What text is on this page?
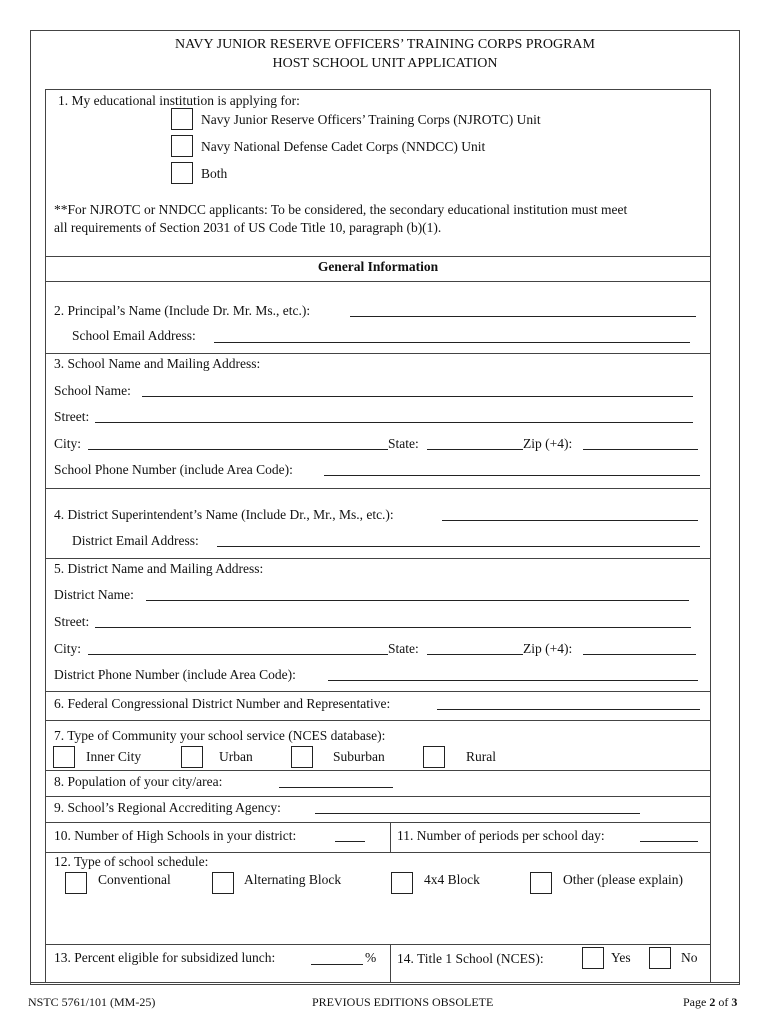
NAVY JUNIOR RESERVE OFFICERS’ TRAINING CORPS PROGRAM
HOST SCHOOL UNIT APPLICATION
1. My educational institution is applying for:
Navy Junior Reserve Officers’ Training Corps (NJROTC) Unit
Navy National Defense Cadet Corps (NNDCC) Unit
Both
**For NJROTC or NNDCC applicants: To be considered, the secondary educational institution must meet
all requirements of Section 2031 of US Code Title 10, paragraph (b)(1).
General Information
2. Principal’s Name (Include Dr. Mr. Ms., etc.):
School Email Address:
3. School Name and Mailing Address:
School Name:
Street:
City:	State:	Zip (+4):
School Phone Number (include Area Code):
4. District Superintendent’s Name (Include Dr., Mr., Ms., etc.):
District Email Address:
5. District Name and Mailing Address:
District Name:
Street:
City:	State:	Zip (+4):
District Phone Number (include Area Code):
6. Federal Congressional District Number and Representative:
7. Type of Community your school service (NCES database):
Inner City	Urban	Suburban	Rural
8. Population of your city/area:
9. School’s Regional Accrediting Agency:
10. Number of High Schools in your district:	11. Number of periods per school day:
12. Type of school schedule:
Conventional	Alternating Block	4x4 Block	Other (please explain)
13. Percent eligible for subsidized lunch:	% 14. Title 1 School (NCES):	Yes	No
NSTC 5761/101 (MM-25)	PREVIOUS EDITIONS OBSOLETE	Page 2 of 3
